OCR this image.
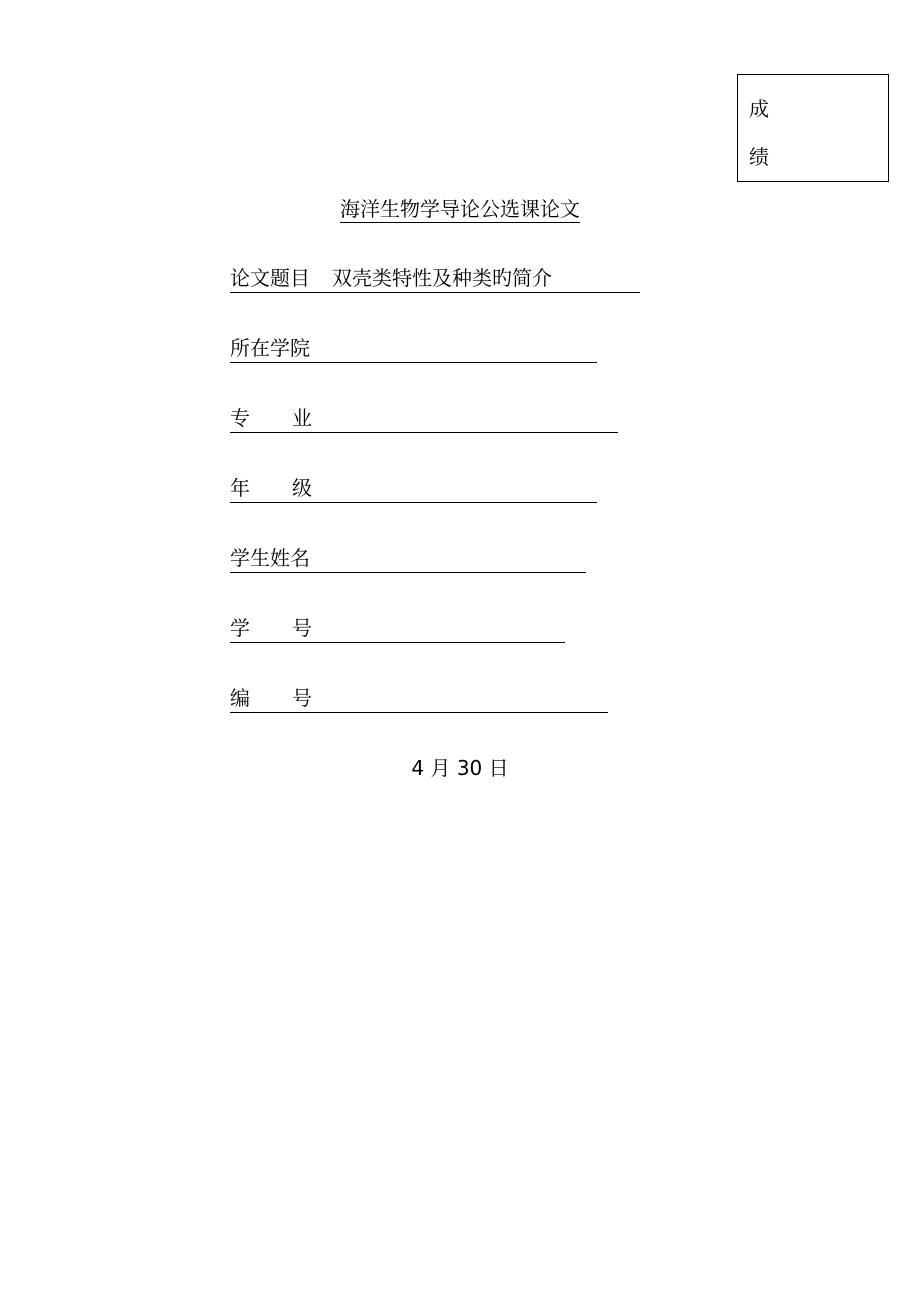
成
绩
海洋生物学导论公选课论文
论文题目 双壳类特性及种类旳简介
所在学院
专业
年级
学生姓名
学号
编号
4 月 30 日
